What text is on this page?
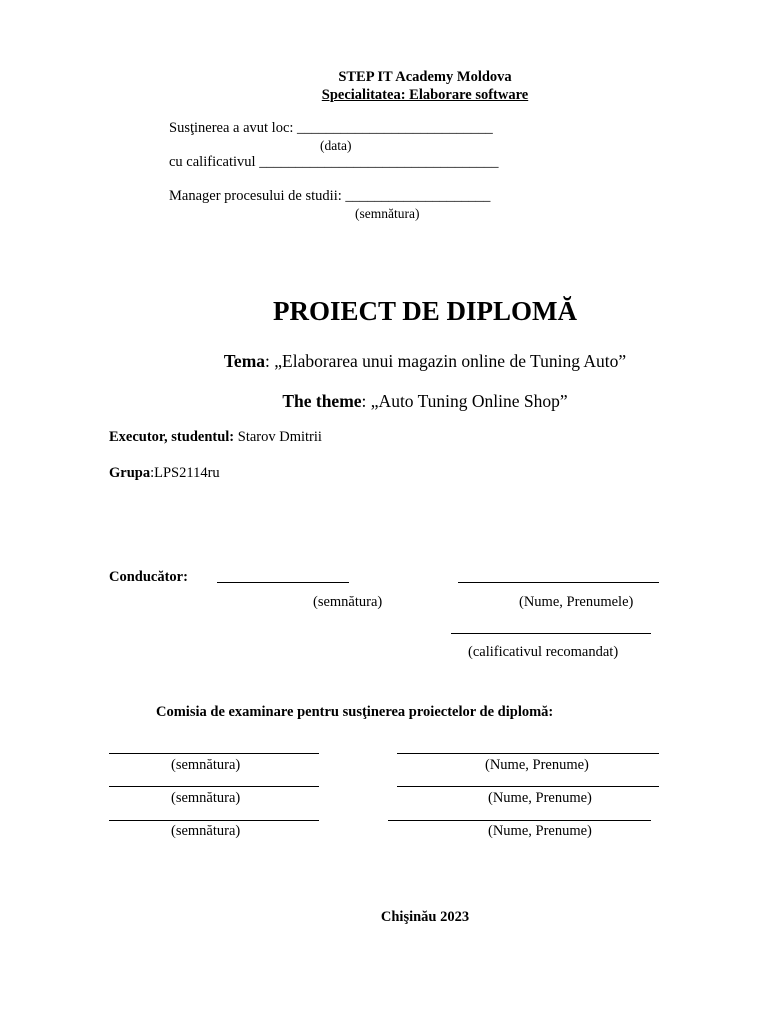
STEP IT Academy Moldova
Specialitatea: Elaborare software
Susţinerea a avut loc: ___________________________
(data)
cu calificativul _________________________________
Manager procesului de studii: ____________________
(semnătura)
PROIECT DE DIPLOMĂ
Tema: „Elaborarea unui magazin online de Tuning Auto”
The theme: „Auto Tuning Online Shop”
Executor, studentul: Starov Dmitrii
Grupa:LPS2114ru
Conducător:
(semnătura)	(Nume, Prenumele)
(calificativul recomandat)
Comisia de examinare pentru susţinerea proiectelor de diplomă:
(semnătura)	(Nume, Prenume)
(semnătura)	(Nume, Prenume)
(semnătura)	(Nume, Prenume)
Chişinău 2023
